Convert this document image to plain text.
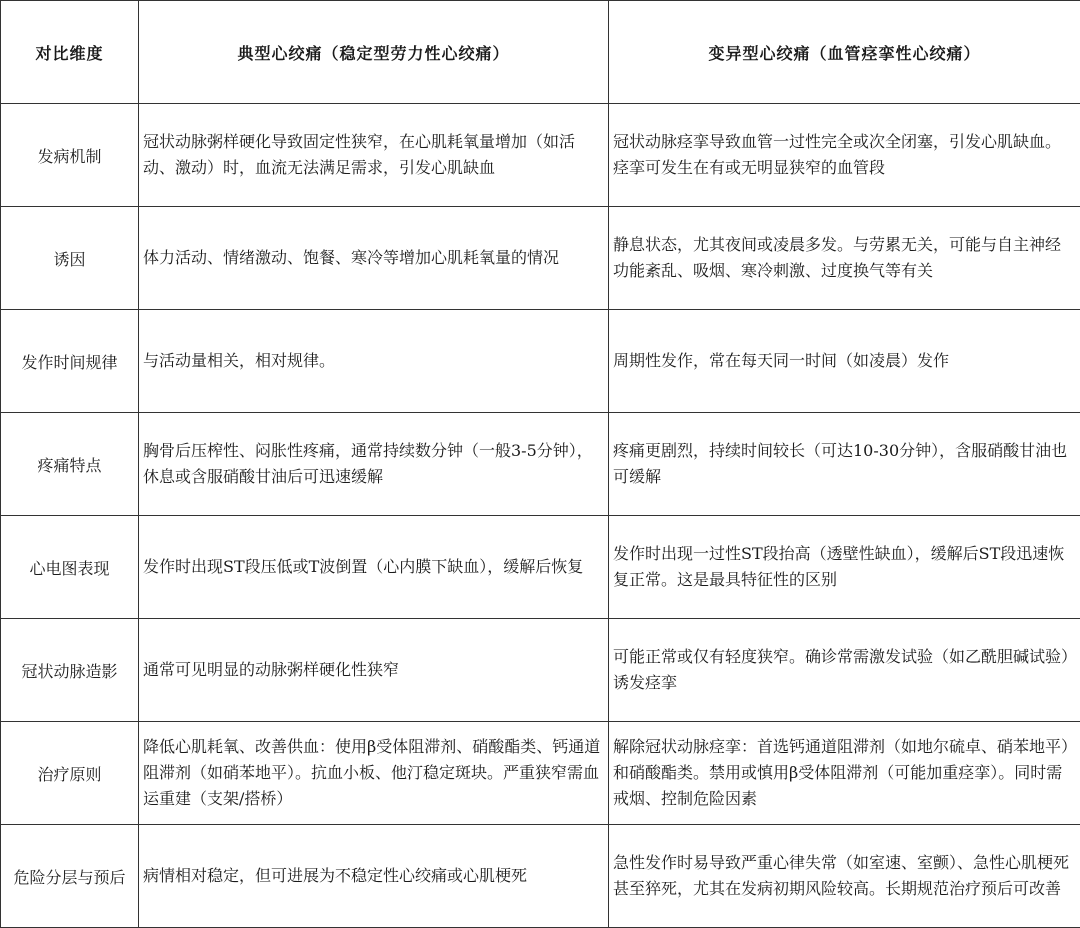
对比维度	典型心绞痛（稳定型劳力性心绞痛）	变异型心绞痛（血管痉挛性心绞痛）
发病机制	冠状动脉粥样硬化导致固定性狭窄，在心肌耗氧量增加（如活动、激动）时，血流无法满足需求，引发心肌缺血	冠状动脉痉挛导致血管一过性完全或次全闭塞，引发心肌缺血。痉挛可发生在有或无明显狭窄的血管段
诱因	体力活动、情绪激动、饱餐、寒冷等增加心肌耗氧量的情况	静息状态，尤其夜间或凌晨多发。与劳累无关，可能与自主神经功能紊乱、吸烟、寒冷刺激、过度换气等有关
发作时间规律	与活动量相关，相对规律。	周期性发作，常在每天同一时间（如凌晨）发作
疼痛特点	胸骨后压榨性、闷胀性疼痛，通常持续数分钟（一般3-5分钟），休息或含服硝酸甘油后可迅速缓解	疼痛更剧烈，持续时间较长（可达10-30分钟），含服硝酸甘油也可缓解
心电图表现	发作时出现ST段压低或T波倒置（心内膜下缺血），缓解后恢复	发作时出现一过性ST段抬高（透壁性缺血），缓解后ST段迅速恢复正常。这是最具特征性的区别
冠状动脉造影	通常可见明显的动脉粥样硬化性狭窄	可能正常或仅有轻度狭窄。确诊常需激发试验（如乙酰胆碱试验）诱发痉挛
治疗原则	降低心肌耗氧、改善供血：使用β受体阻滞剂、硝酸酯类、钙通道阻滞剂（如硝苯地平）。抗血小板、他汀稳定斑块。严重狭窄需血运重建（支架/搭桥）	解除冠状动脉痉挛：首选钙通道阻滞剂（如地尔硫卓、硝苯地平）和硝酸酯类。禁用或慎用β受体阻滞剂（可能加重痉挛）。同时需戒烟、控制危险因素
危险分层与预后	病情相对稳定，但可进展为不稳定性心绞痛或心肌梗死	急性发作时易导致严重心律失常（如室速、室颤）、急性心肌梗死甚至猝死，尤其在发病初期风险较高。长期规范治疗预后可改善
